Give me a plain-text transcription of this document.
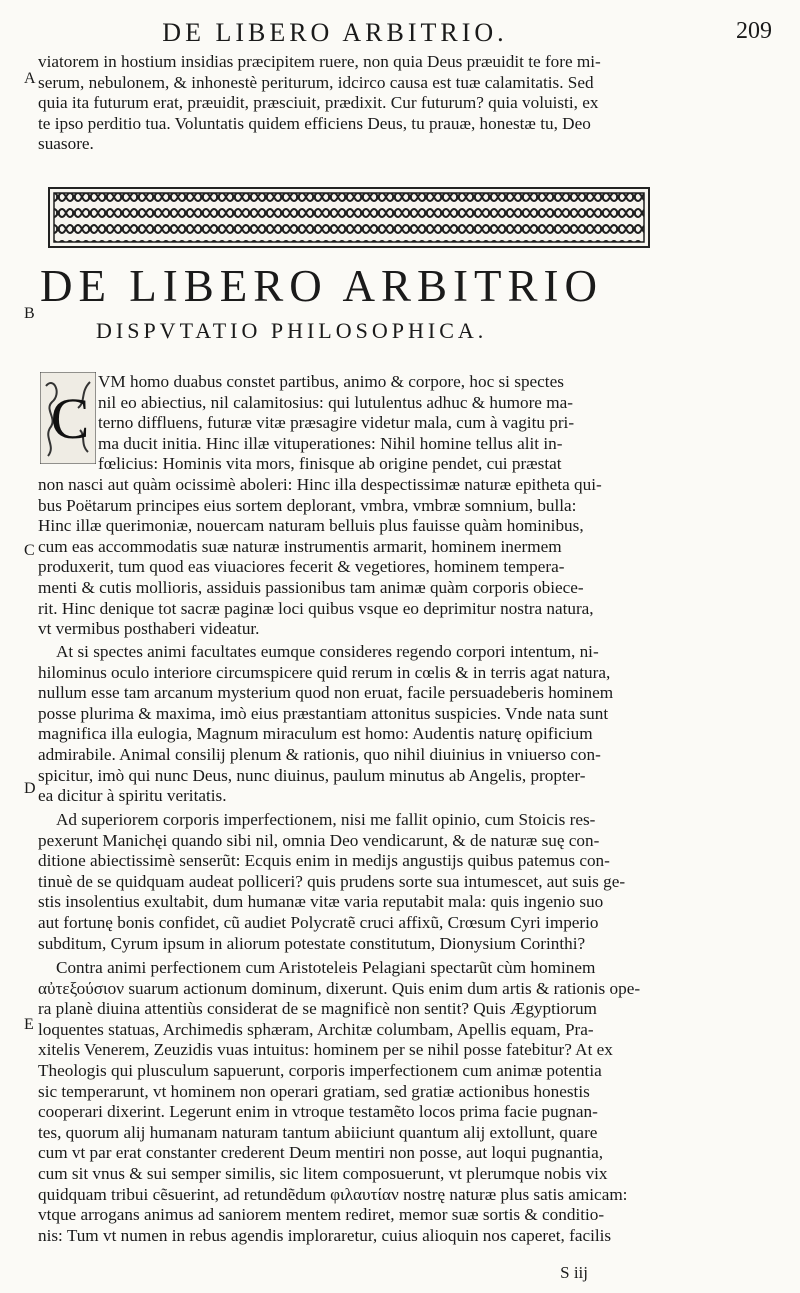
DE LIBERO ARBITRIO.	209
A
B
C
D
E
viatorem in hostium insidias præcipitem ruere, non quia Deus præuidit te fore mi-
serum, nebulonem, & inhonestè periturum, idcirco causa est tuæ calamitatis. Sed
quia ita futurum erat, præuidit, præsciuit, prædixit. Cur futurum? quia voluisti, ex
te ipso perditio tua. Voluntatis quidem efficiens Deus, tu prauæ, honestæ tu, Deo
suasore.
DE LIBERO ARBITRIO
DISPVTATIO PHILOSOPHICA.
C
VM homo duabus constet partibus, animo & corpore, hoc si spectes
nil eo abiectius, nil calamitosius: qui lutulentus adhuc & humore ma-
terno diffluens, futuræ vitæ præsagire videtur mala, cum à vagitu pri-
ma ducit initia. Hinc illæ vituperationes: Nihil homine tellus alit in-
fœlicius: Hominis vita mors, finisque ab origine pendet, cui præstat
non nasci aut quàm ocissimè aboleri: Hinc illa despectissimæ naturæ epitheta qui-
bus Poëtarum principes eius sortem deplorant, vmbra, vmbræ somnium, bulla:
Hinc illæ querimoniæ, nouercam naturam belluis plus fauisse quàm hominibus,
cum eas accommodatis suæ naturæ instrumentis armarit, hominem inermem
produxerit, tum quod eas viuaciores fecerit & vegetiores, hominem tempera-
menti & cutis mollioris, assiduis passionibus tam animæ quàm corporis obiece-
rit. Hinc denique tot sacræ paginæ loci quibus vsque eo deprimitur nostra natura,
vt vermibus posthaberi videatur.
At si spectes animi facultates eumque consideres regendo corpori intentum, ni-
hilominus oculo interiore circumspicere quid rerum in cœlis & in terris agat natura,
nullum esse tam arcanum mysterium quod non eruat, facile persuadeberis hominem
posse plurima & maxima, imò eius præstantiam attonitus suspicies. Vnde nata sunt
magnifica illa eulogia, Magnum miraculum est homo: Audentis naturę opificium
admirabile. Animal consilij plenum & rationis, quo nihil diuinius in vniuerso con-
spicitur, imò qui nunc Deus, nunc diuinus, paulum minutus ab Angelis, propter-
ea dicitur à spiritu veritatis.
Ad superiorem corporis imperfectionem, nisi me fallit opinio, cum Stoicis res-
pexerunt Manichęi quando sibi nil, omnia Deo vendicarunt, & de naturæ suę con-
ditione abiectissimè senserũt: Ecquis enim in medijs angustijs quibus patemus con-
tinuè de se quidquam audeat polliceri? quis prudens sorte sua intumescet, aut suis ge-
stis insolentius exultabit, dum humanæ vitæ varia reputabit mala: quis ingenio suo
aut fortunę bonis confidet, cũ audiet Polycratẽ cruci affixũ, Crœsum Cyri imperio
subditum, Cyrum ipsum in aliorum potestate constitutum, Dionysium Corinthi?
Contra animi perfectionem cum Aristoteleis Pelagiani spectarũt cùm hominem
αὐτεξούσιον suarum actionum dominum, dixerunt. Quis enim dum artis & rationis ope-
ra planè diuina attentiùs considerat de se magnificè non sentit? Quis Ægyptiorum
loquentes statuas, Archimedis sphæram, Architæ columbam, Apellis equam, Pra-
xitelis Venerem, Zeuzidis vuas intuitus: hominem per se nihil posse fatebitur? At ex
Theologis qui plusculum sapuerunt, corporis imperfectionem cum animæ potentia
sic temperarunt, vt hominem non operari gratiam, sed gratiæ actionibus honestis
cooperari dixerint. Legerunt enim in vtroque testamẽto locos prima facie pugnan-
tes, quorum alij humanam naturam tantum abiiciunt quantum alij extollunt, quare
cum vt par erat constanter crederent Deum mentiri non posse, aut loqui pugnantia,
cum sit vnus & sui semper similis, sic litem composuerunt, vt plerumque nobis vix
quidquam tribui cẽsuerint, ad retundẽdum φιλαυτίαν nostrę naturæ plus satis amicam:
vtque arrogans animus ad saniorem mentem rediret, memor suæ sortis & conditio-
nis: Tum vt numen in rebus agendis imploraretur, cuius alioquin nos caperet, facilis
S iij
